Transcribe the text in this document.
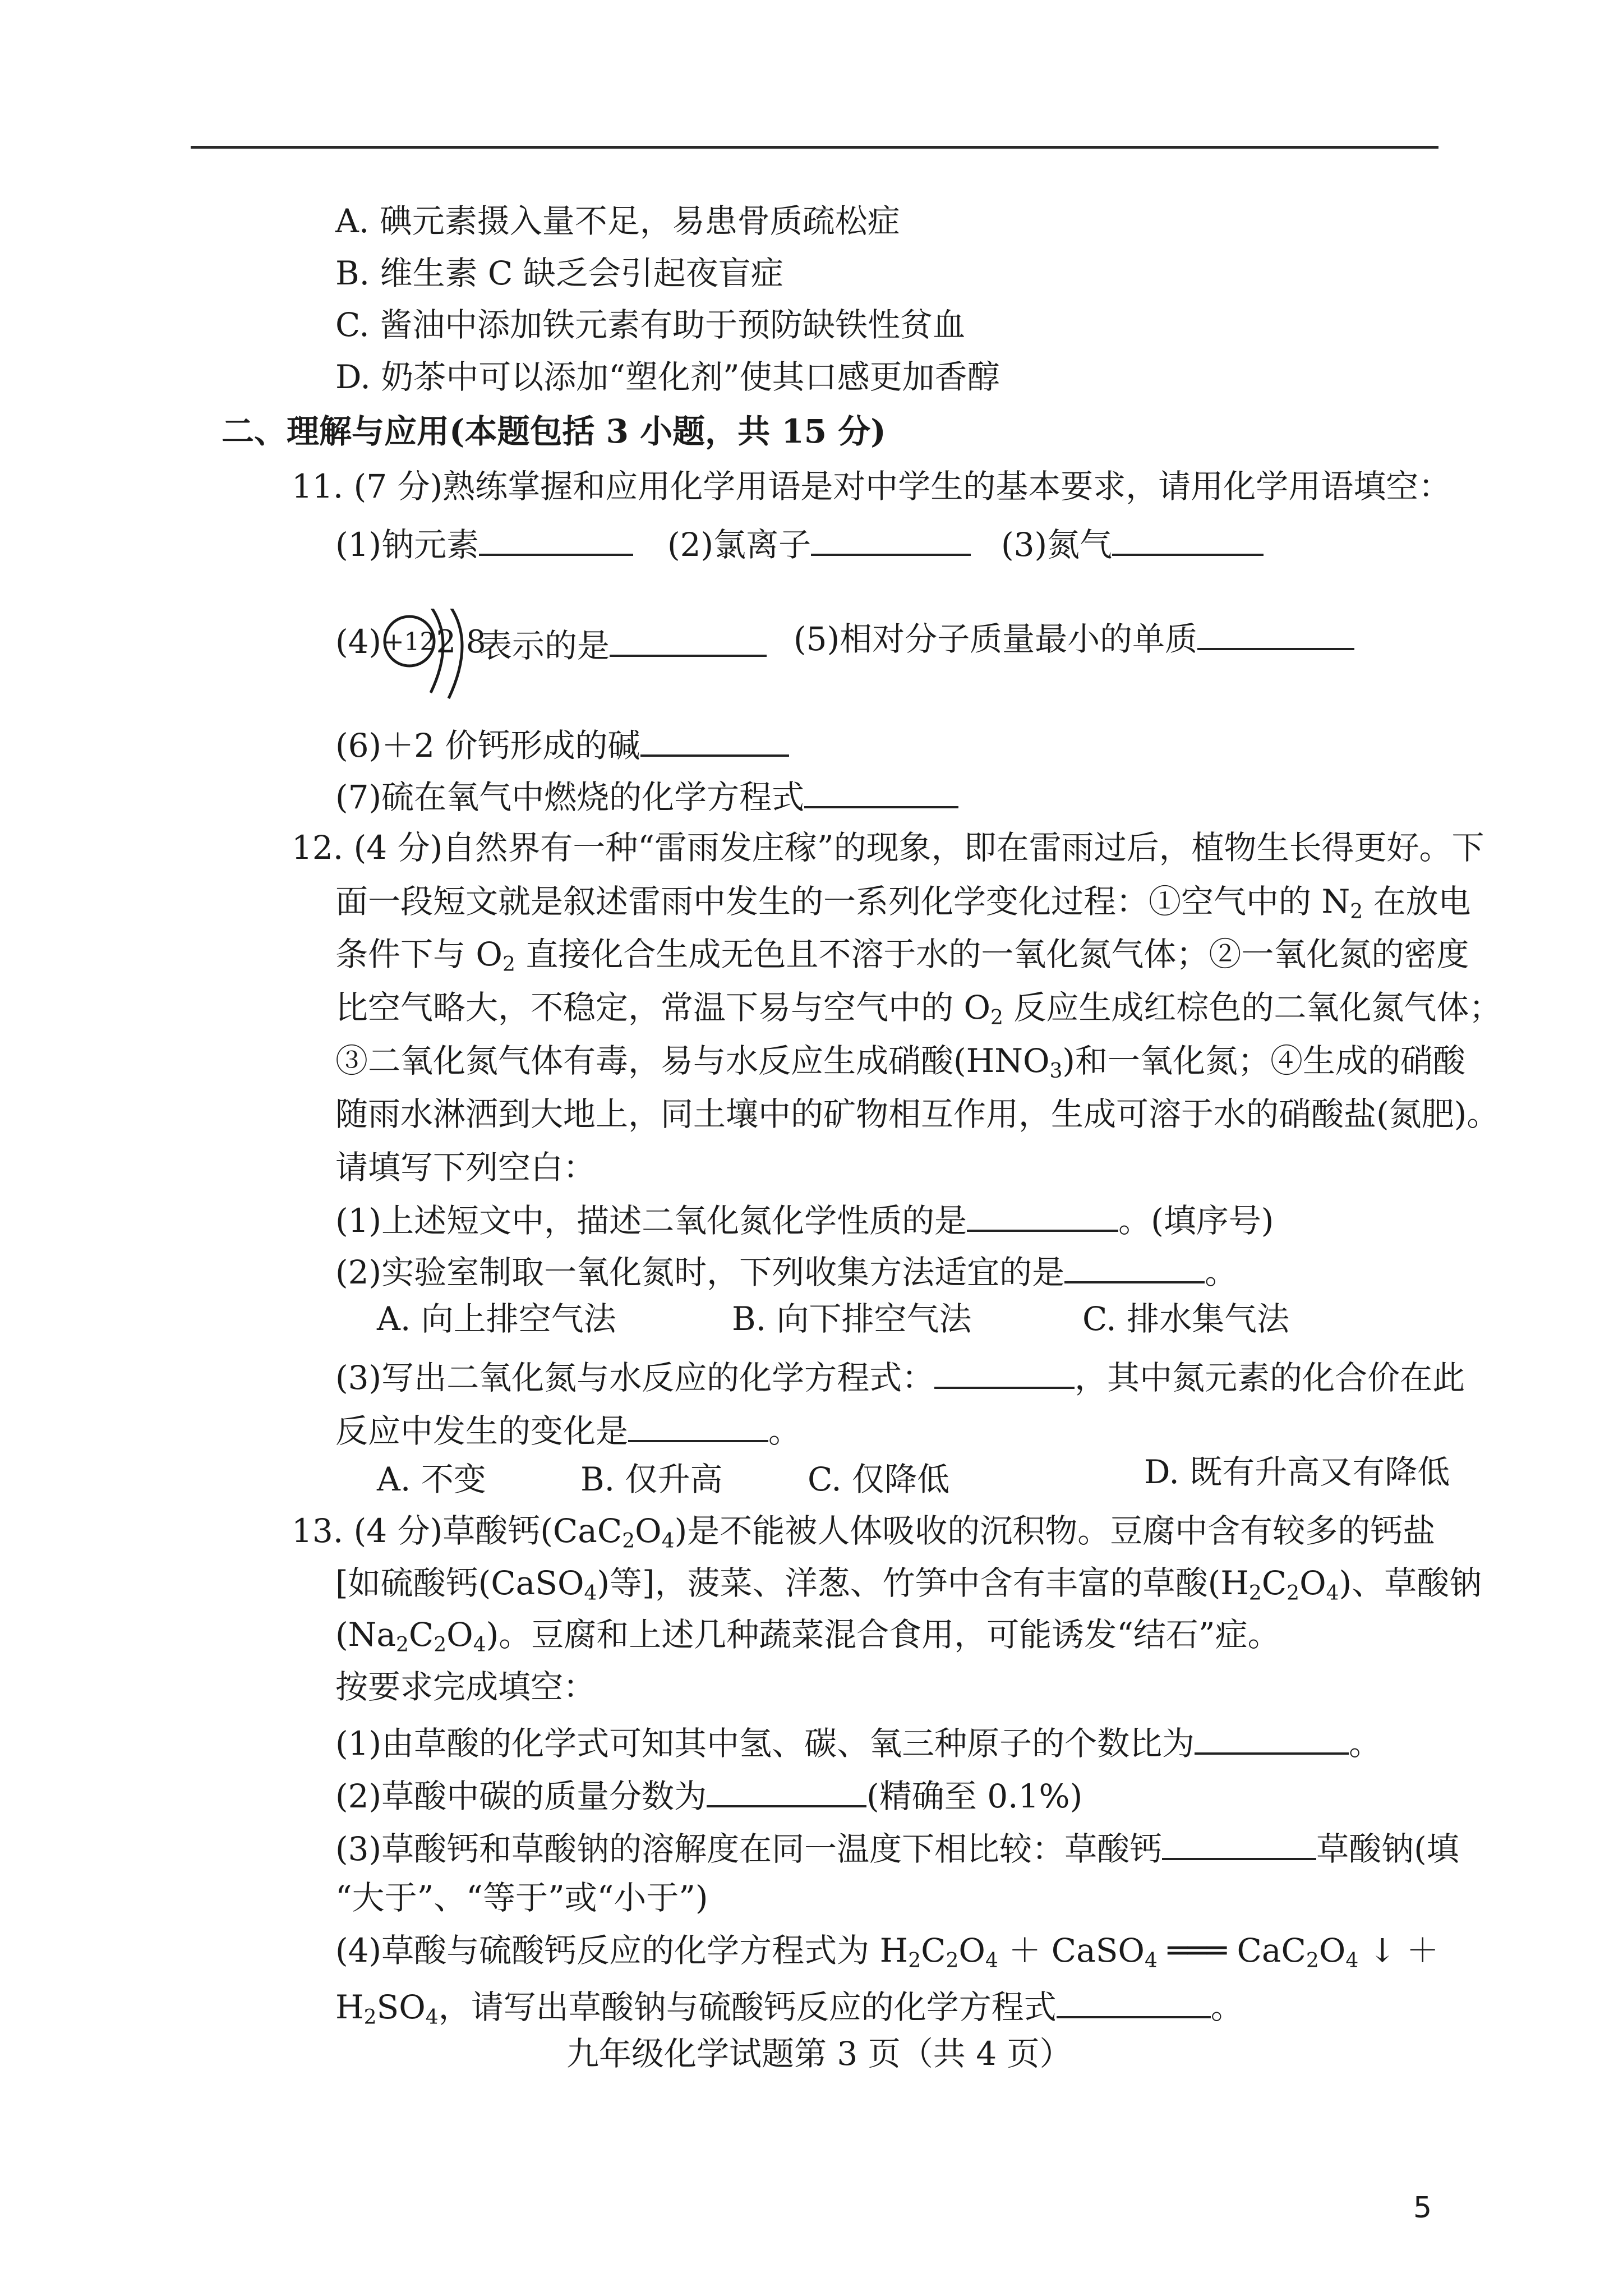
A. 碘元素摄入量不足，易患骨质疏松症
B. 维生素 C 缺乏会引起夜盲症
C. 酱油中添加铁元素有助于预防缺铁性贫血
D. 奶茶中可以添加“塑化剂”使其口感更加香醇
二、理解与应用(本题包括 3 小题，共 15 分)
11. (7 分)熟练掌握和应用化学用语是对中学生的基本要求，请用化学用语填空：
(1)钠元素	(2)氯离子	(3)氮气
(4) +12 2 8
表示的是	(5)相对分子质量最小的单质
(6)＋2 价钙形成的碱
(7)硫在氧气中燃烧的化学方程式
12. (4 分)自然界有一种“雷雨发庄稼”的现象，即在雷雨过后，植物生长得更好。下
面一段短文就是叙述雷雨中发生的一系列化学变化过程：①空气中的 $N_2$ 在放电
条件下与 $O_2$ 直接化合生成无色且不溶于水的一氧化氮气体；②一氧化氮的密度
比空气略大，不稳定，常温下易与空气中的 $O_2$ 反应生成红棕色的二氧化氮气体；
③二氧化氮气体有毒，易与水反应生成硝酸$(HNO_3)$和一氧化氮；④生成的硝酸
随雨水淋洒到大地上，同土壤中的矿物相互作用，生成可溶于水的硝酸盐(氮肥)。
请填写下列空白：
(1)上述短文中，描述二氧化氮化学性质的是	。(填序号)
(2)实验室制取一氧化氮时，下列收集方法适宜的是	。
A. 向上排空气法	B. 向下排空气法	C. 排水集气法
(3)写出二氧化氮与水反应的化学方程式：	，其中氮元素的化合价在此
反应中发生的变化是	。
A. 不变	B. 仅升高	C. 仅降低	D. 既有升高又有降低
13. (4 分)草酸钙$(CaC_2O_4)$是不能被人体吸收的沉积物。豆腐中含有较多的钙盐
[如硫酸钙(CaSO$_4$)等]，菠菜、洋葱、竹笋中含有丰富的草酸$(H_2C_2O_4)$、草酸钠
$(Na_2C_2O_4)$。豆腐和上述几种蔬菜混合食用，可能诱发“结石”症。
按要求完成填空：
(1)由草酸的化学式可知其中氢、碳、氧三种原子的个数比为	。
(2)草酸中碳的质量分数为	(精确至 0.1%)
(3)草酸钙和草酸钠的溶解度在同一温度下相比较：草酸钙	草酸钠(填
“大于”、“等于”或“小于”)
(4)草酸与硫酸钙反应的化学方程式为 $H_2C_2O_4$ ＋ CaSO$_4$ ═══ $CaC_2O_4$ ↓ ＋
$H_2SO_4$，请写出草酸钠与硫酸钙反应的化学方程式	。
九年级化学试题第 3 页（共 4 页）
5
